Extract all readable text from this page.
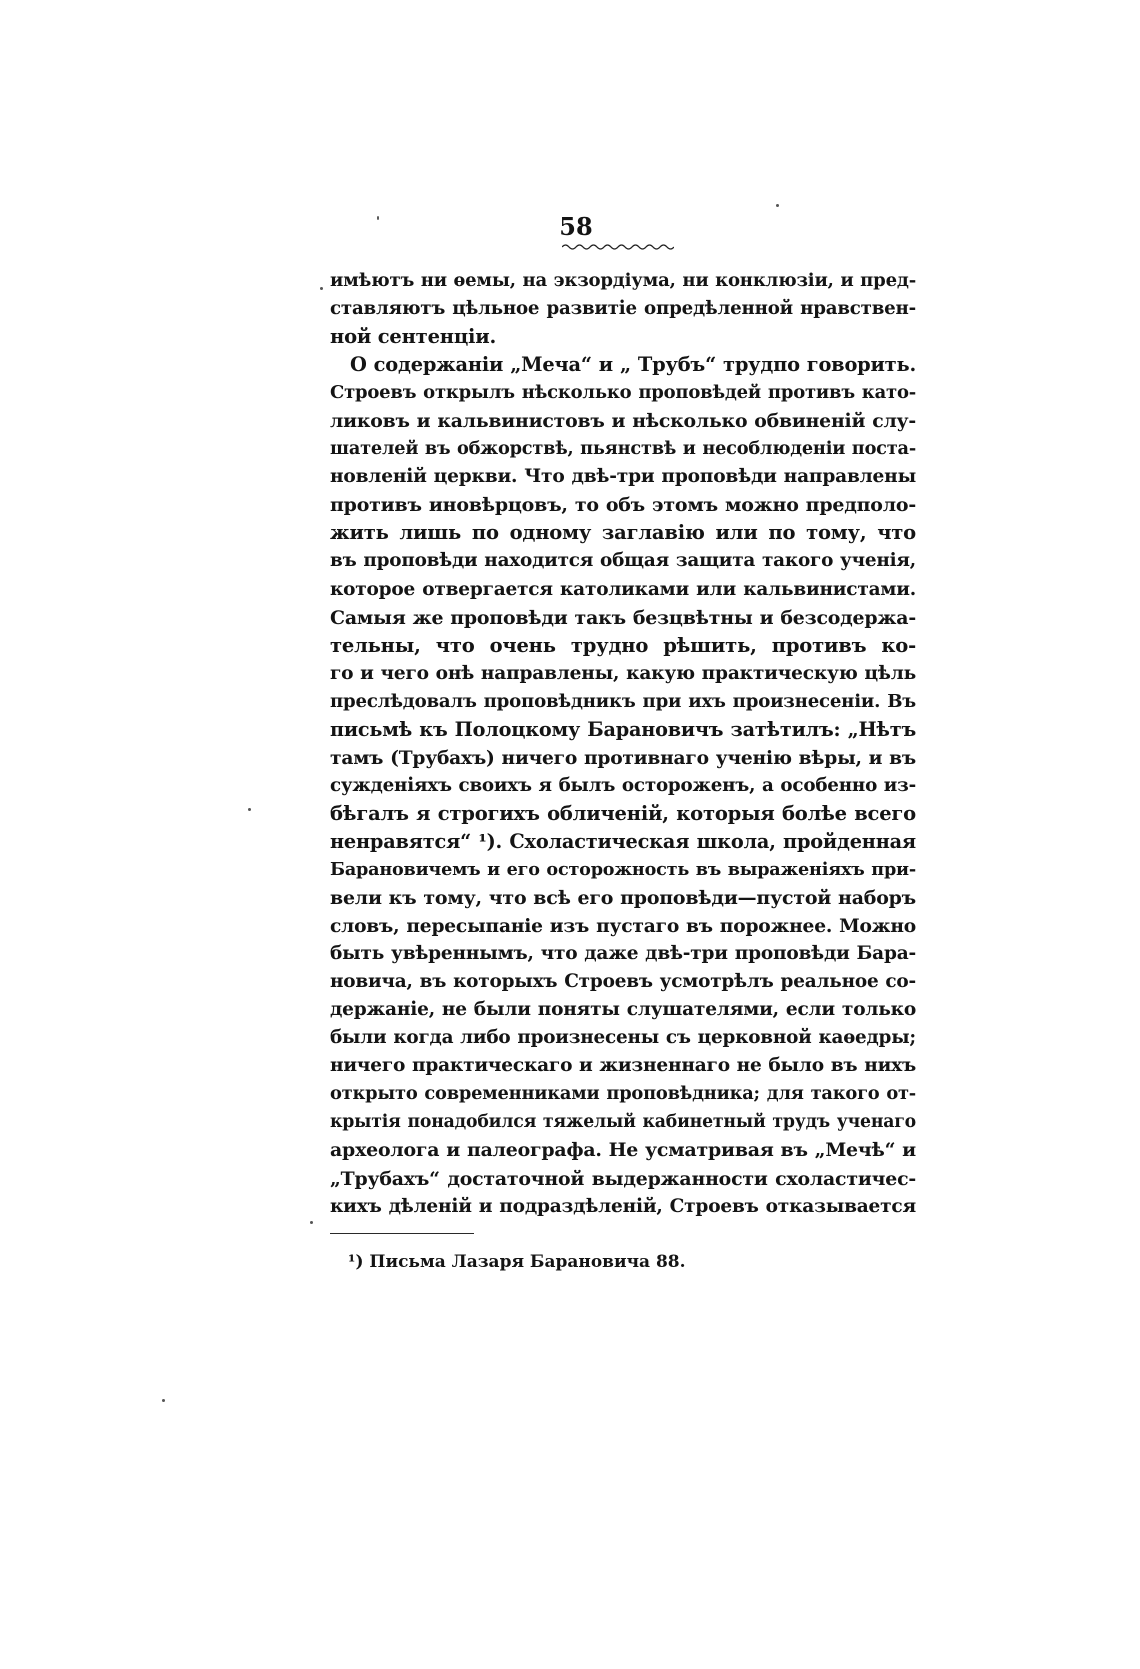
58
имѣютъ ни ѳемы, на экзордіума, ни конклюзіи, и пред-
ставляютъ цѣльное развитіе опредѣленной нравствен-
ной сентенціи.
О содержаніи „Меча“ и „ Трубъ“ трудпо говорить.
Строевъ открылъ нѣсколько проповѣдей противъ като-
ликовъ и кальвинистовъ и нѣсколько обвиненій слу-
шателей въ обжорствѣ, пьянствѣ и несоблюденіи поста-
новленій церкви. Что двѣ-три проповѣди направлены
противъ иновѣрцовъ, то объ этомъ можно предполо-
жить лишь по одному заглавію или по тому, что
въ проповѣди находится общая защита такого ученія,
которое отвергается католиками или кальвинистами.
Самыя же проповѣди такъ безцвѣтны и безсодержа-
тельны, что очень трудно рѣшить, противъ ко-
го и чего онѣ направлены, какую практическую цѣль
преслѣдовалъ проповѣдникъ при ихъ произнесеніи. Въ
письмѣ къ Полоцкому Барановичъ затѣтилъ: „Нѣтъ
тамъ (Трубахъ) ничего противнаго ученію вѣры, и въ
сужденіяхъ своихъ я былъ остороженъ, а особенно из-
бѣгалъ я строгихъ обличеній, которыя болѣе всего
ненравятся“ ¹). Схоластическая школа, пройденная
Барановичемъ и его осторожность въ выраженіяхъ при-
вели къ тому, что всѣ его проповѣди—пустой наборъ
словъ, пересыпаніе изъ пустаго въ порожнее. Можно
быть увѣреннымъ, что даже двѣ-три проповѣди Бара-
новича, въ которыхъ Строевъ усмотрѣлъ реальное со-
держаніе, не были поняты слушателями, если только
были когда либо произнесены съ церковной каѳедры;
ничего практическаго и жизненнаго не было въ нихъ
открыто современниками проповѣдника; для такого от-
крытія понадобился тяжелый кабинетный трудъ ученаго
археолога и палеографа. Не усматривая въ „Мечѣ“ и
„Трубахъ“ достаточной выдержанности схоластичес-
кихъ дѣленій и подраздѣленій, Строевъ отказывается
¹) Письма Лазаря Барановича 88.
